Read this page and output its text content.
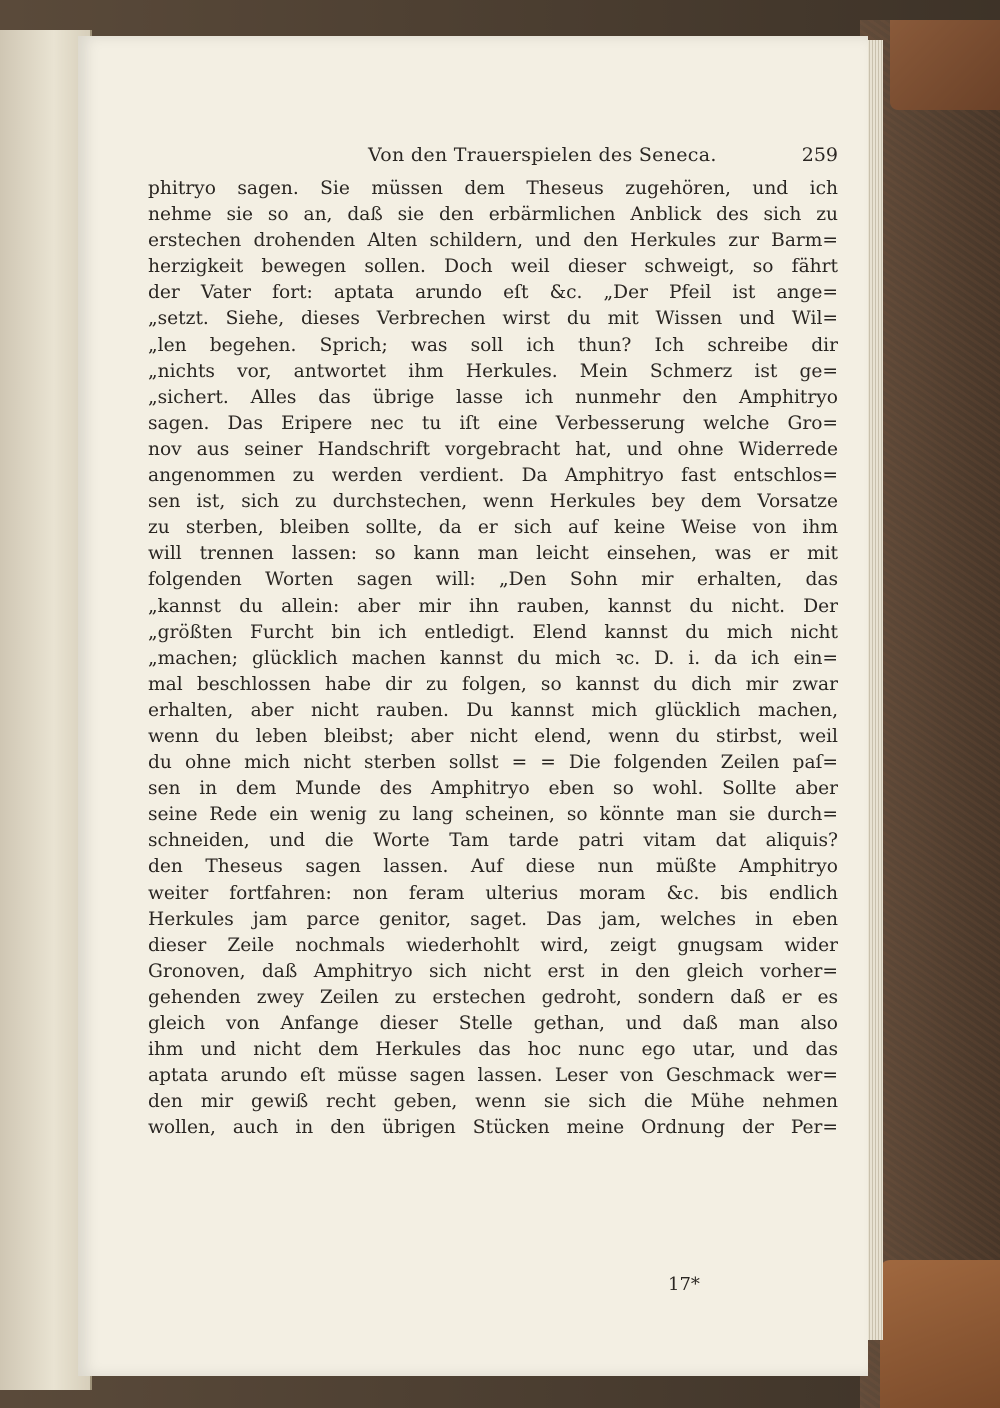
Von den Trauerspielen des Seneca.	259
phitryo sagen. Sie müssen dem Theseus zugehören, und ich
nehme sie so an, daß sie den erbärmlichen Anblick des sich zu
erstechen drohenden Alten schildern, und den Herkules zur Barm=
herzigkeit bewegen sollen. Doch weil dieser schweigt, so fährt
der Vater fort: aptata arundo eſt &c. „Der Pfeil ist ange=
„setzt. Siehe, dieses Verbrechen wirst du mit Wissen und Wil=
„len begehen. Sprich; was soll ich thun? Ich schreibe dir
„nichts vor, antwortet ihm Herkules. Mein Schmerz ist ge=
„sichert. Alles das übrige lasse ich nunmehr den Amphitryo
sagen. Das Eripere nec tu iſt eine Verbesserung welche Gro=
nov aus seiner Handschrift vorgebracht hat, und ohne Widerrede
angenommen zu werden verdient. Da Amphitryo fast entschlos=
sen ist, sich zu durchstechen, wenn Herkules bey dem Vorsatze
zu sterben, bleiben sollte, da er sich auf keine Weise von ihm
will trennen lassen: so kann man leicht einsehen, was er mit
folgenden Worten sagen will: „Den Sohn mir erhalten, das
„kannst du allein: aber mir ihn rauben, kannst du nicht. Der
„größten Furcht bin ich entledigt. Elend kannst du mich nicht
„machen; glücklich machen kannst du mich ꝛc. D. i. da ich ein=
mal beschlossen habe dir zu folgen, so kannst du dich mir zwar
erhalten, aber nicht rauben. Du kannst mich glücklich machen,
wenn du leben bleibst; aber nicht elend, wenn du stirbst, weil
du ohne mich nicht sterben sollst = = Die folgenden Zeilen paſ=
sen in dem Munde des Amphitryo eben so wohl. Sollte aber
seine Rede ein wenig zu lang scheinen, so könnte man sie durch=
schneiden, und die Worte Tam tarde patri vitam dat aliquis?
den Theseus sagen lassen. Auf diese nun müßte Amphitryo
weiter fortfahren: non feram ulterius moram &c. bis endlich
Herkules jam parce genitor, saget. Das jam, welches in eben
dieser Zeile nochmals wiederhohlt wird, zeigt gnugsam wider
Gronoven, daß Amphitryo sich nicht erst in den gleich vorher=
gehenden zwey Zeilen zu erstechen gedroht, sondern daß er es
gleich von Anfange dieser Stelle gethan, und daß man also
ihm und nicht dem Herkules das hoc nunc ego utar, und das
aptata arundo eſt müsse sagen lassen. Leser von Geschmack wer=
den mir gewiß recht geben, wenn sie sich die Mühe nehmen
wollen, auch in den übrigen Stücken meine Ordnung der Per=
17*
